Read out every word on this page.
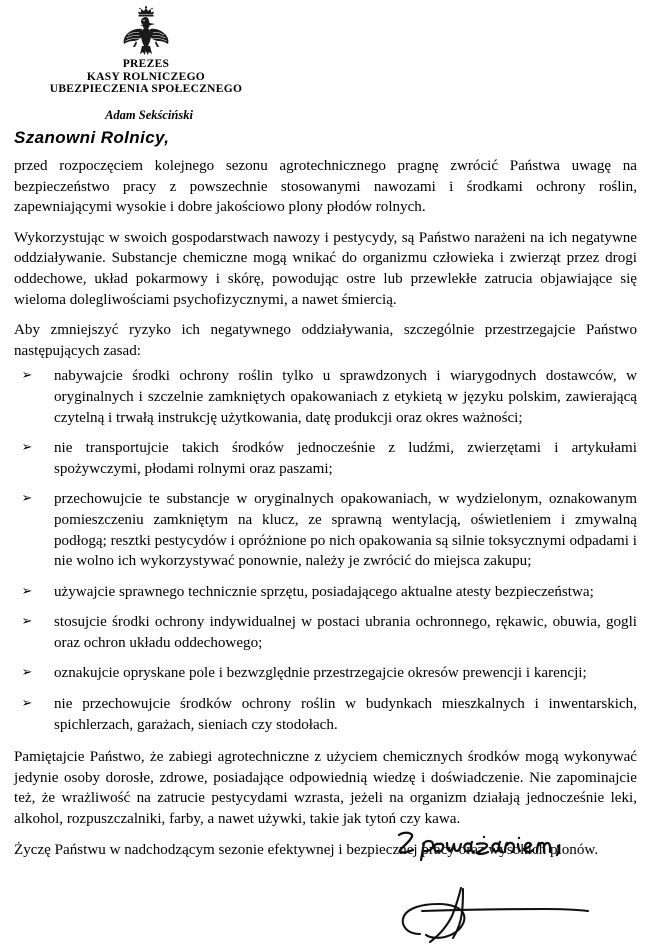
PREZES
KASY ROLNICZEGO
UBEZPIECZENIA SPOŁECZNEGO
Adam Sekściński
Szanowni Rolnicy,

przed rozpoczęciem kolejnego sezonu agrotechnicznego pragnę zwrócić Państwa uwagę na bezpieczeństwo pracy z powszechnie stosowanymi nawozami i środkami ochrony roślin, zapewniającymi wysokie i dobre jakościowo plony płodów rolnych.

Wykorzystując w swoich gospodarstwach nawozy i pestycydy, są Państwo narażeni na ich negatywne oddziaływanie. Substancje chemiczne mogą wnikać do organizmu człowieka i zwierząt przez drogi oddechowe, układ pokarmowy i skórę, powodując ostre lub przewlekłe zatrucia objawiające się wieloma dolegliwościami psychofizycznymi, a nawet śmiercią.

Aby zmniejszyć ryzyko ich negatywnego oddziaływania, szczególnie przestrzegajcie Państwo następujących zasad:

➢	nabywajcie środki ochrony roślin tylko u sprawdzonych i wiarygodnych dostawców, w oryginalnych i szczelnie zamkniętych opakowaniach z etykietą w języku polskim, zawierającą czytelną i trwałą instrukcję użytkowania, datę produkcji oraz okres ważności;
➢	nie transportujcie takich środków jednocześnie z ludźmi, zwierzętami i artykułami spożywczymi, płodami rolnymi oraz paszami;
➢	przechowujcie te substancje w oryginalnych opakowaniach, w wydzielonym, oznakowanym pomieszczeniu zamkniętym na klucz, ze sprawną wentylacją, oświetleniem i zmywalną podłogą; resztki pestycydów i opróżnione po nich opakowania są silnie toksycznymi odpadami i nie wolno ich wykorzystywać ponownie, należy je zwrócić do miejsca zakupu;
➢	używajcie sprawnego technicznie sprzętu, posiadającego aktualne atesty bezpieczeństwa;
➢	stosujcie środki ochrony indywidualnej w postaci ubrania ochronnego, rękawic, obuwia, gogli oraz ochron układu oddechowego;
➢	oznakujcie opryskane pole i bezwzględnie przestrzegajcie okresów prewencji i karencji;
➢	nie przechowujcie środków ochrony roślin w budynkach mieszkalnych i inwentarskich, spichlerzach, garażach, sieniach czy stodołach.

Pamiętajcie Państwo, że zabiegi agrotechniczne z użyciem chemicznych środków mogą wykonywać jedynie osoby dorosłe, zdrowe, posiadające odpowiednią wiedzę i doświadczenie. Nie zapominajcie też, że wrażliwość na zatrucie pestycydami wzrasta, jeżeli na organizm działają jednocześnie leki, alkohol, rozpuszczalniki, farby, a nawet używki, takie jak tytoń czy kawa.

Życzę Państwu w nadchodzącym sezonie efektywnej i bezpiecznej pracy oraz wysokich plonów.
